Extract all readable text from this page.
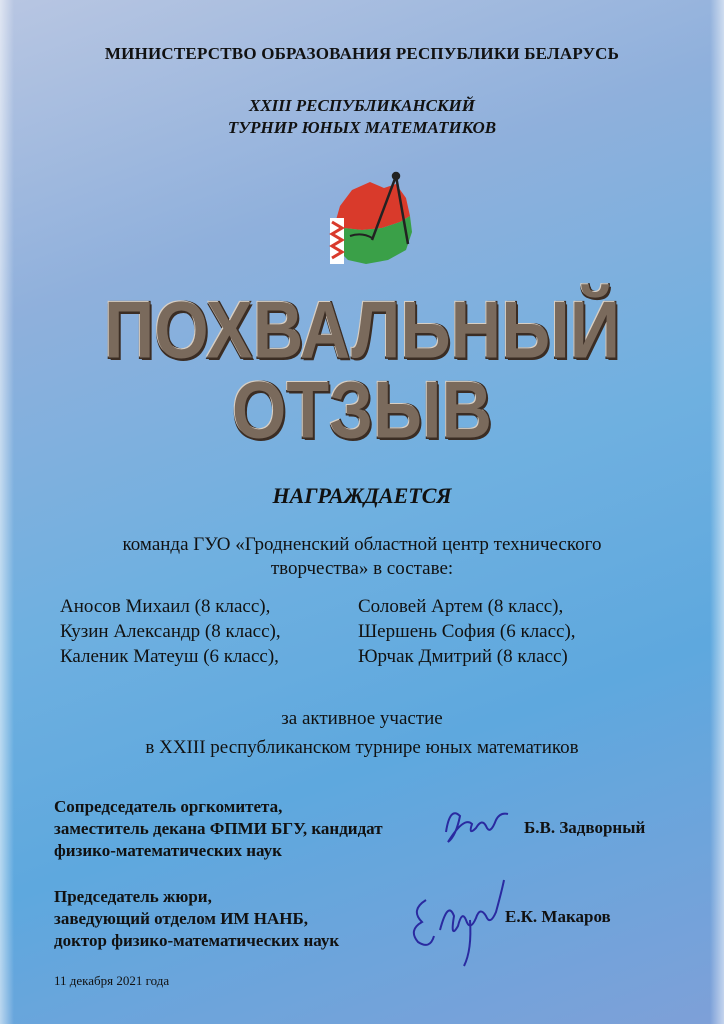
МИНИСТЕРСТВО ОБРАЗОВАНИЯ РЕСПУБЛИКИ БЕЛАРУСЬ
XXIII РЕСПУБЛИКАНСКИЙ
ТУРНИР ЮНЫХ МАТЕМАТИКОВ
ПОХВАЛЬНЫЙ
ОТЗЫВ
НАГРАЖДАЕТСЯ
команда ГУО «Гродненский областной центр технического
творчества» в составе:
Аносов Михаил (8 класс),
Кузин Александр (8 класс),
Каленик Матеуш (6 класс),
Соловей Артем (8 класс),
Шершень София (6 класс),
Юрчак Дмитрий (8 класс)
за активное участие
в XXIII республиканском турнире юных математиков
Сопредседатель оргкомитета,
заместитель декана ФПМИ БГУ, кандидат
физико-математических наук
Б.В. Задворный
Председатель жюри,
заведующий отделом ИМ НАНБ,
доктор физико-математических наук
Е.К. Макаров
11 декабря 2021 года
